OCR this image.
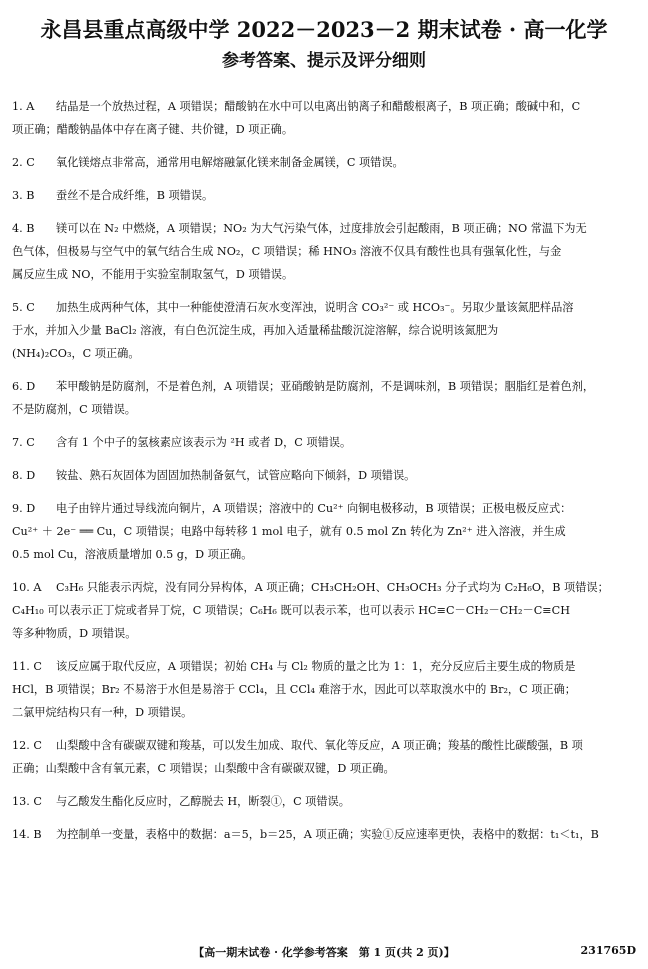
永昌县重点高级中学 2022－2023－2 期末试卷 · 高一化学
参考答案、提示及评分细则
1. A 结晶是一个放热过程，A 项错误；醋酸钠在水中可以电离出钠离子和醋酸根离子，B 项正确；酸碱中和，C
项正确；醋酸钠晶体中存在离子键、共价键，D 项正确。
2. C 氧化镁熔点非常高，通常用电解熔融氯化镁来制备金属镁，C 项错误。
3. B 蚕丝不是合成纤维，B 项错误。
4. B 镁可以在 N₂ 中燃烧，A 项错误；NO₂ 为大气污染气体，过度排放会引起酸雨，B 项正确；NO 常温下为无
色气体，但极易与空气中的氧气结合生成 NO₂，C 项错误；稀 HNO₃ 溶液不仅具有酸性也具有强氧化性，与金
属反应生成 NO，不能用于实验室制取氢气，D 项错误。
5. C 加热生成两种气体，其中一种能使澄清石灰水变浑浊，说明含 CO₃²⁻ 或 HCO₃⁻。另取少量该氮肥样品溶
于水，并加入少量 BaCl₂ 溶液，有白色沉淀生成，再加入适量稀盐酸沉淀溶解，综合说明该氮肥为
(NH₄)₂CO₃，C 项正确。
6. D 苯甲酸钠是防腐剂，不是着色剂，A 项错误；亚硝酸钠是防腐剂，不是调味剂，B 项错误；胭脂红是着色剂，
不是防腐剂，C 项错误。
7. C 含有 1 个中子的氢核素应该表示为 ²H 或者 D，C 项错误。
8. D 铵盐、熟石灰固体为固固加热制备氨气，试管应略向下倾斜，D 项错误。
9. D 电子由锌片通过导线流向铜片，A 项错误；溶液中的 Cu²⁺ 向铜电极移动，B 项错误；正极电极反应式：
Cu²⁺ ＋ 2e⁻ ══ Cu，C 项错误；电路中每转移 1 mol 电子，就有 0.5 mol Zn 转化为 Zn²⁺ 进入溶液，并生成
0.5 mol Cu，溶液质量增加 0.5 g，D 项正确。
10. A C₃H₆ 只能表示丙烷，没有同分异构体，A 项正确；CH₃CH₂OH、CH₃OCH₃ 分子式均为 C₂H₆O，B 项错误；
C₄H₁₀ 可以表示正丁烷或者异丁烷，C 项错误；C₆H₆ 既可以表示苯，也可以表示 HC≡C－CH₂－CH₂－C≡CH
等多种物质，D 项错误。
11. C 该反应属于取代反应，A 项错误；初始 CH₄ 与 Cl₂ 物质的量之比为 1：1，充分反应后主要生成的物质是
HCl，B 项错误；Br₂ 不易溶于水但是易溶于 CCl₄，且 CCl₄ 难溶于水，因此可以萃取溴水中的 Br₂，C 项正确；
二氯甲烷结构只有一种，D 项错误。
12. C 山梨酸中含有碳碳双键和羧基，可以发生加成、取代、氧化等反应，A 项正确；羧基的酸性比碳酸强，B 项
正确；山梨酸中含有氧元素，C 项错误；山梨酸中含有碳碳双键，D 项正确。
13. C 与乙酸发生酯化反应时，乙醇脱去 H，断裂①，C 项错误。
14. B 为控制单一变量，表格中的数据：a＝5，b＝25，A 项正确；实验①反应速率更快，表格中的数据：t₁＜t₁，B
【高一期末试卷 · 化学参考答案　第 1 页(共 2 页)】	231765D
